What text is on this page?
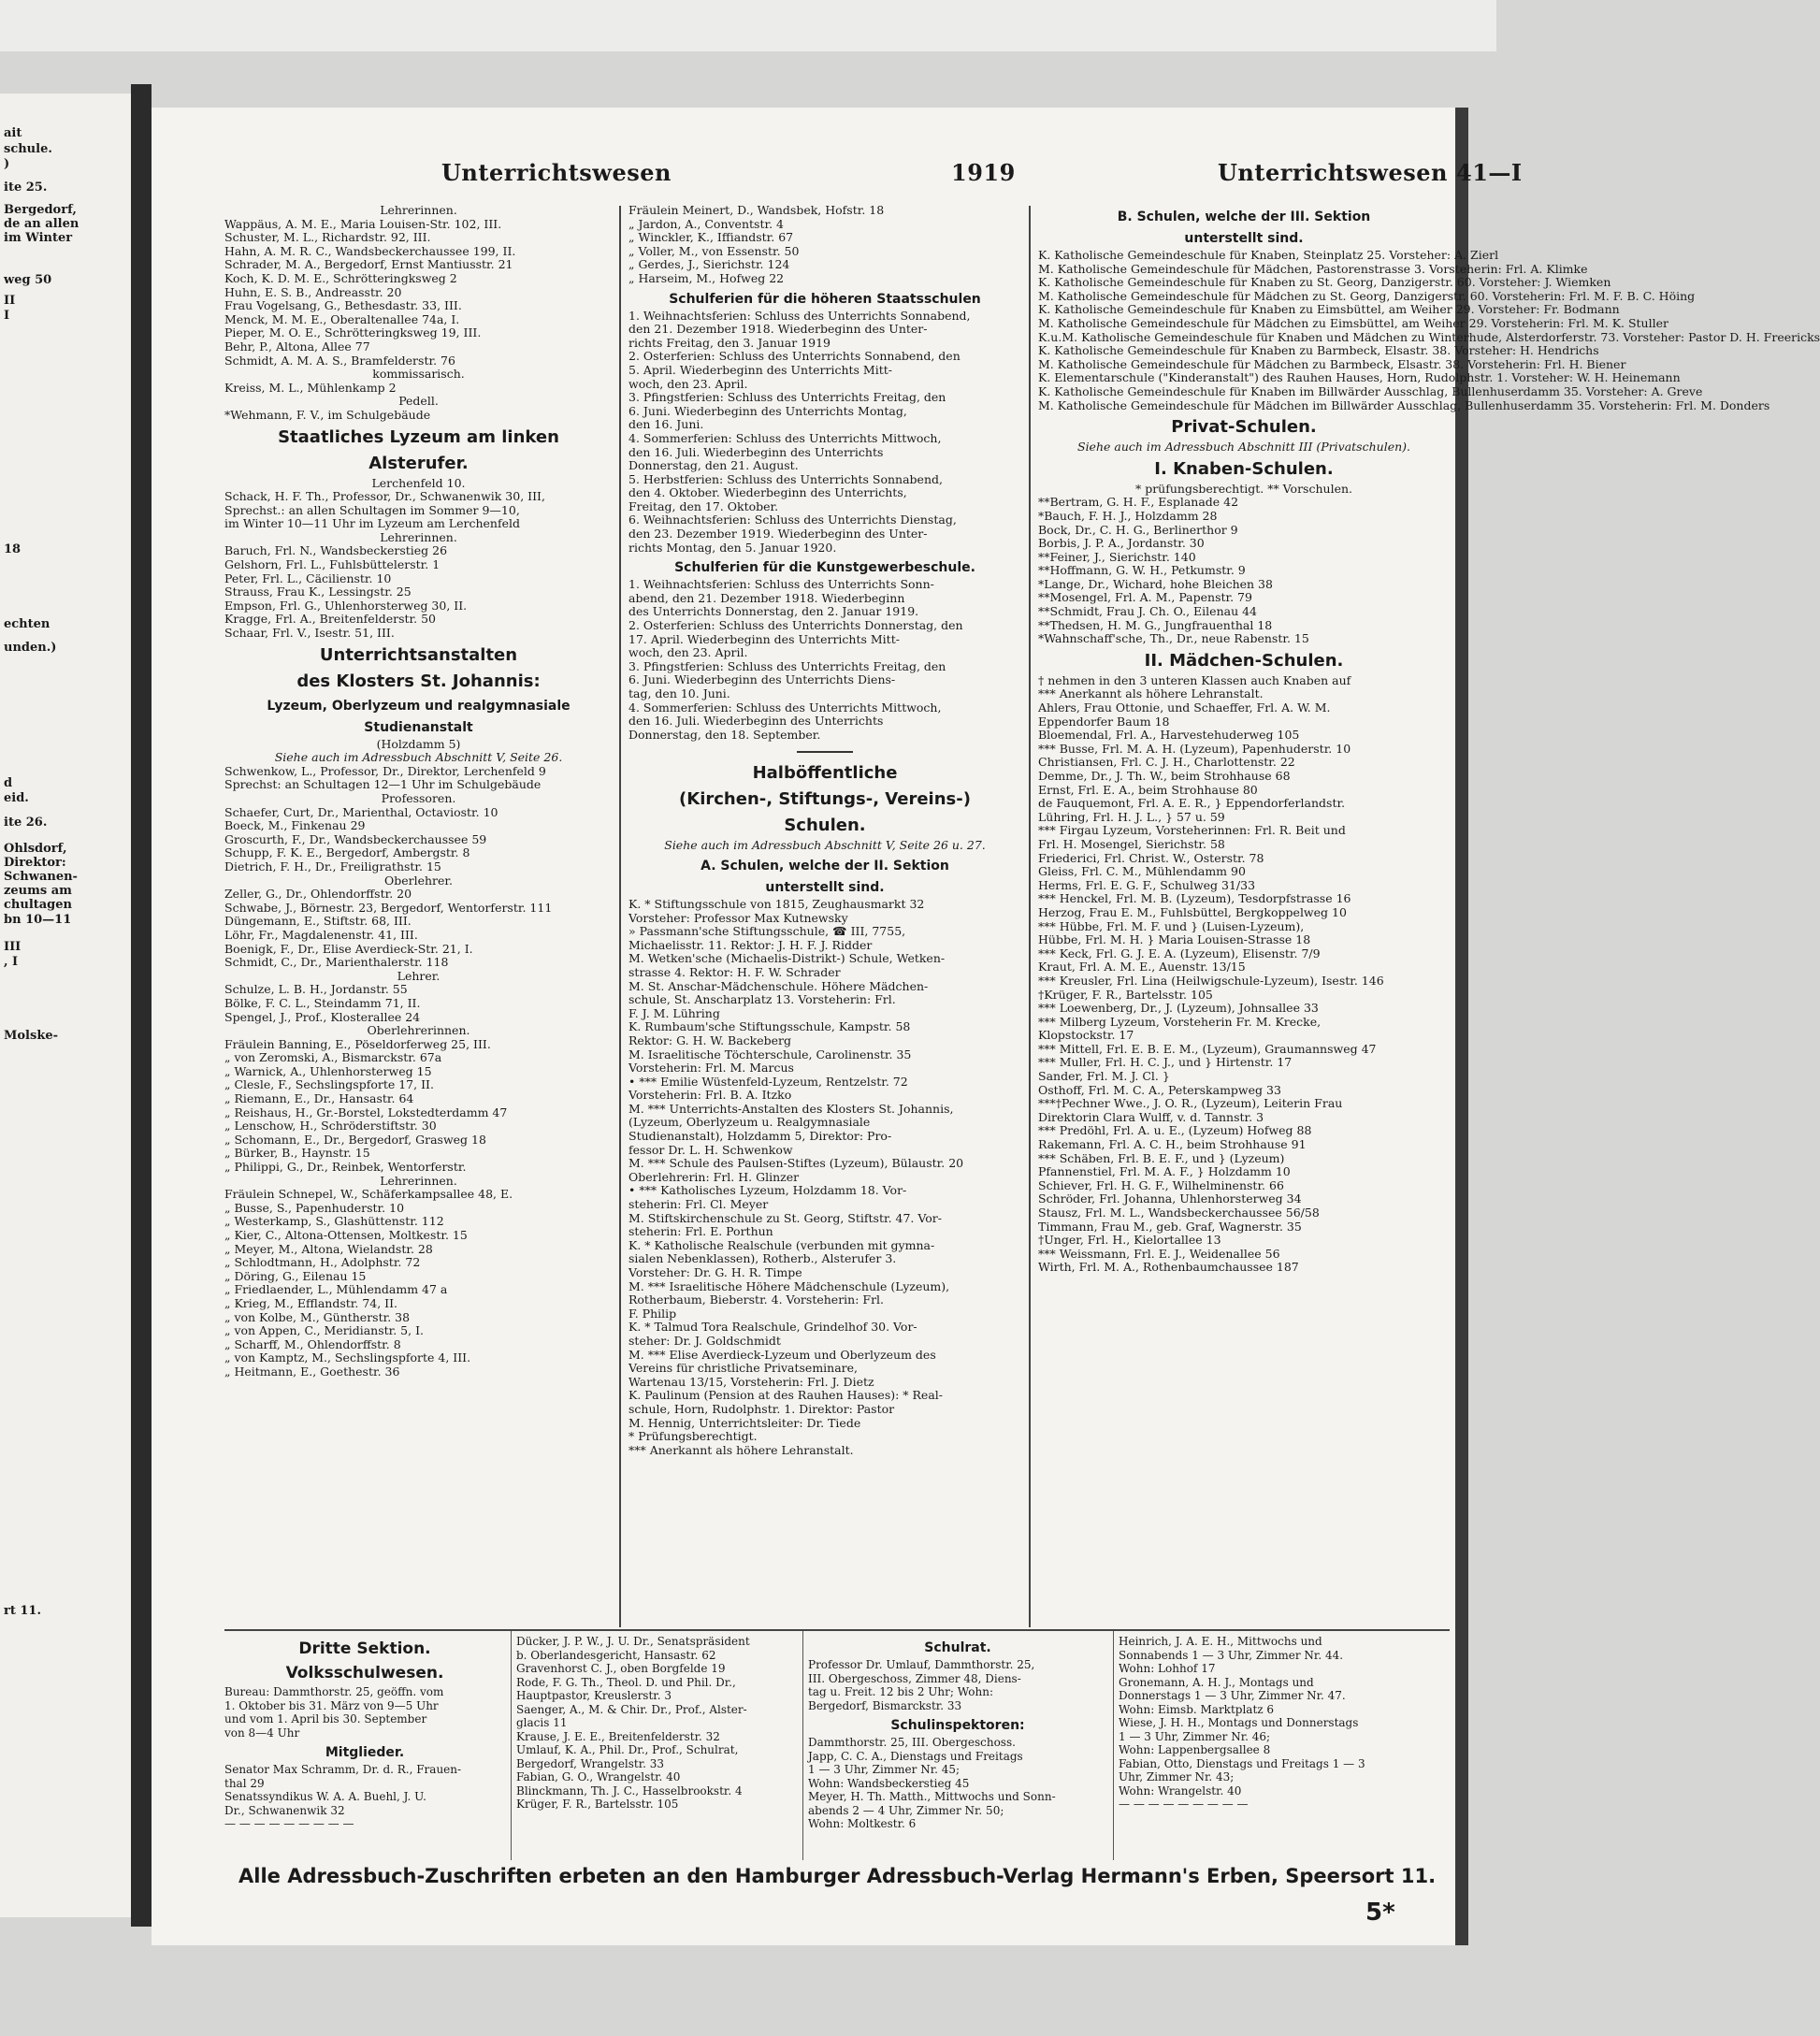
ait
schule.
)
ite 25.
Bergedorf,
de an allen
im Winter
weg 50
II
I
18
echten
unden.)
d
eid.
ite 26.
Ohlsdorf,
Direktor:
Schwanen-
zeums am
chultagen
bn 10—11
III
, I
Molske-
rt 11.
Unterrichtswesen	1919	Unterrichtswesen 41—I
Lehrerinnen.
Wappäus, A. M. E., Maria Louisen-Str. 102, III.
Schuster, M. L., Richardstr. 92, III.
Hahn, A. M. R. C., Wandsbeckerchaussee 199, II.
Schrader, M. A., Bergedorf, Ernst Mantiusstr. 21
Koch, K. D. M. E., Schrötteringksweg 2
Huhn, E. S. B., Andreasstr. 20
Frau Vogelsang, G., Bethesdastr. 33, III.
Menck, M. M. E., Oberaltenallee 74a, I.
Pieper, M. O. E., Schrötteringksweg 19, III.
Behr, P., Altona, Allee 77
Schmidt, A. M. A. S., Bramfelderstr. 76
kommissarisch.
Kreiss, M. L., Mühlenkamp 2
Pedell.
*Wehmann, F. V., im Schulgebäude
Staatliches Lyzeum am linken
Alsterufer.
Lerchenfeld 10.
Schack, H. F. Th., Professor, Dr., Schwanenwik 30, III,
Sprechst.: an allen Schultagen im Sommer 9—10,
im Winter 10—11 Uhr im Lyzeum am Lerchenfeld
Lehrerinnen.
Baruch, Frl. N., Wandsbeckerstieg 26
Gelshorn, Frl. L., Fuhlsbüttelerstr. 1
Peter, Frl. L., Cäcilienstr. 10
Strauss, Frau K., Lessingstr. 25
Empson, Frl. G., Uhlenhorsterweg 30, II.
Kragge, Frl. A., Breitenfelderstr. 50
Schaar, Frl. V., Isestr. 51, III.
Unterrichtsanstalten
des Klosters St. Johannis:
Lyzeum, Oberlyzeum und realgymnasiale
Studienanstalt
(Holzdamm 5)
Siehe auch im Adressbuch Abschnitt V, Seite 26.
Schwenkow, L., Professor, Dr., Direktor, Lerchenfeld 9
Sprechst: an Schultagen 12—1 Uhr im Schulgebäude
Professoren.
Schaefer, Curt, Dr., Marienthal, Octaviostr. 10
Boeck, M., Finkenau 29
Groscurth, F., Dr., Wandsbeckerchaussee 59
Schupp, F. K. E., Bergedorf, Ambergstr. 8
Dietrich, F. H., Dr., Freiligrathstr. 15
Oberlehrer.
Zeller, G., Dr., Ohlendorffstr. 20
Schwabe, J., Börnestr. 23, Bergedorf, Wentorferstr. 111
Düngemann, E., Stiftstr. 68, III.
Löhr, Fr., Magdalenenstr. 41, III.
Boenigk, F., Dr., Elise Averdieck-Str. 21, I.
Schmidt, C., Dr., Marienthalerstr. 118
Lehrer.
Schulze, L. B. H., Jordanstr. 55
Bölke, F. C. L., Steindamm 71, II.
Spengel, J., Prof., Klosterallee 24
Oberlehrerinnen.
Fräulein Banning, E., Pöseldorferweg 25, III.
„ von Zeromski, A., Bismarckstr. 67a
„ Warnick, A., Uhlenhorsterweg 15
„ Clesle, F., Sechslingspforte 17, II.
„ Riemann, E., Dr., Hansastr. 64
„ Reishaus, H., Gr.-Borstel, Lokstedterdamm 47
„ Lenschow, H., Schröderstiftstr. 30
„ Schomann, E., Dr., Bergedorf, Grasweg 18
„ Bürker, B., Haynstr. 15
„ Philippi, G., Dr., Reinbek, Wentorferstr.
Lehrerinnen.
Fräulein Schnepel, W., Schäferkampsallee 48, E.
„ Busse, S., Papenhuderstr. 10
„ Westerkamp, S., Glashüttenstr. 112
„ Kier, C., Altona-Ottensen, Moltkestr. 15
„ Meyer, M., Altona, Wielandstr. 28
„ Schlodtmann, H., Adolphstr. 72
„ Döring, G., Eilenau 15
„ Friedlaender, L., Mühlendamm 47 a
„ Krieg, M., Efflandstr. 74, II.
„ von Kolbe, M., Güntherstr. 38
„ von Appen, C., Meridianstr. 5, I.
„ Scharff, M., Ohlendorffstr. 8
„ von Kamptz, M., Sechslingspforte 4, III.
„ Heitmann, E., Goethestr. 36
Fräulein Meinert, D., Wandsbek, Hofstr. 18
„ Jardon, A., Conventstr. 4
„ Winckler, K., Iffiandstr. 67
„ Voller, M., von Essenstr. 50
„ Gerdes, J., Sierichstr. 124
„ Harseim, M., Hofweg 22
Schulferien für die höheren Staatsschulen
1. Weihnachtsferien: Schluss des Unterrichts Sonnabend,
den 21. Dezember 1918. Wiederbeginn des Unter-
richts Freitag, den 3. Januar 1919
2. Osterferien: Schluss des Unterrichts Sonnabend, den
5. April. Wiederbeginn des Unterrichts Mitt-
woch, den 23. April.
3. Pfingstferien: Schluss des Unterrichts Freitag, den
6. Juni. Wiederbeginn des Unterrichts Montag,
den 16. Juni.
4. Sommerferien: Schluss des Unterrichts Mittwoch,
den 16. Juli. Wiederbeginn des Unterrichts
Donnerstag, den 21. August.
5. Herbstferien: Schluss des Unterrichts Sonnabend,
den 4. Oktober. Wiederbeginn des Unterrichts,
Freitag, den 17. Oktober.
6. Weihnachtsferien: Schluss des Unterrichts Dienstag,
den 23. Dezember 1919. Wiederbeginn des Unter-
richts Montag, den 5. Januar 1920.
Schulferien für die Kunstgewerbeschule.
1. Weihnachtsferien: Schluss des Unterrichts Sonn-
abend, den 21. Dezember 1918. Wiederbeginn
des Unterrichts Donnerstag, den 2. Januar 1919.
2. Osterferien: Schluss des Unterrichts Donnerstag, den
17. April. Wiederbeginn des Unterrichts Mitt-
woch, den 23. April.
3. Pfingstferien: Schluss des Unterrichts Freitag, den
6. Juni. Wiederbeginn des Unterrichts Diens-
tag, den 10. Juni.
4. Sommerferien: Schluss des Unterrichts Mittwoch,
den 16. Juli. Wiederbeginn des Unterrichts
Donnerstag, den 18. September.
Halböffentliche
(Kirchen-, Stiftungs-, Vereins-)
Schulen.
Siehe auch im Adressbuch Abschnitt V, Seite 26 u. 27.
A. Schulen, welche der II. Sektion
unterstellt sind.
K. * Stiftungsschule von 1815, Zeughausmarkt 32
Vorsteher: Professor Max Kutnewsky
» Passmann'sche Stiftungsschule, ☎ III, 7755,
Michaelisstr. 11. Rektor: J. H. F. J. Ridder
M. Wetken'sche (Michaelis-Distrikt-) Schule, Wetken-
strasse 4. Rektor: H. F. W. Schrader
M. St. Anschar-Mädchenschule. Höhere Mädchen-
schule, St. Anscharplatz 13. Vorsteherin: Frl.
F. J. M. Lühring
K. Rumbaum'sche Stiftungsschule, Kampstr. 58
Rektor: G. H. W. Backeberg
M. Israelitische Töchterschule, Carolinenstr. 35
Vorsteherin: Frl. M. Marcus
• *** Emilie Wüstenfeld-Lyzeum, Rentzelstr. 72
Vorsteherin: Frl. B. A. Itzko
M. *** Unterrichts-Anstalten des Klosters St. Johannis,
(Lyzeum, Oberlyzeum u. Realgymnasiale
Studienanstalt), Holzdamm 5, Direktor: Pro-
fessor Dr. L. H. Schwenkow
M. *** Schule des Paulsen-Stiftes (Lyzeum), Bülaustr. 20
Oberlehrerin: Frl. H. Glinzer
• *** Katholisches Lyzeum, Holzdamm 18. Vor-
steherin: Frl. Cl. Meyer
M. Stiftskirchenschule zu St. Georg, Stiftstr. 47. Vor-
steherin: Frl. E. Porthun
K. * Katholische Realschule (verbunden mit gymna-
sialen Nebenklassen), Rotherb., Alsterufer 3.
Vorsteher: Dr. G. H. R. Timpe
M. *** Israelitische Höhere Mädchenschule (Lyzeum),
Rotherbaum, Bieberstr. 4. Vorsteherin: Frl.
F. Philip
K. * Talmud Tora Realschule, Grindelhof 30. Vor-
steher: Dr. J. Goldschmidt
M. *** Elise Averdieck-Lyzeum und Oberlyzeum des
Vereins für christliche Privatseminare,
Wartenau 13/15, Vorsteherin: Frl. J. Dietz
K. Paulinum (Pension at des Rauhen Hauses): * Real-
schule, Horn, Rudolphstr. 1. Direktor: Pastor
M. Hennig, Unterrichtsleiter: Dr. Tiede
* Prüfungsberechtigt.
*** Anerkannt als höhere Lehranstalt.
B. Schulen, welche der III. Sektion
unterstellt sind.
K. Katholische Gemeindeschule für Knaben, Steinplatz 25. Vorsteher: A. Zierl
M. Katholische Gemeindeschule für Mädchen, Pastorenstrasse 3. Vorsteherin: Frl. A. Klimke
K. Katholische Gemeindeschule für Knaben zu St. Georg, Danzigerstr. 60. Vorsteher: J. Wiemken
M. Katholische Gemeindeschule für Mädchen zu St. Georg, Danzigerstr. 60. Vorsteherin: Frl. M. F. B. C. Höing
K. Katholische Gemeindeschule für Knaben zu Eimsbüttel, am Weiher 29. Vorsteher: Fr. Bodmann
M. Katholische Gemeindeschule für Mädchen zu Eimsbüttel, am Weiher 29. Vorsteherin: Frl. M. K. Stuller
K.u.M. Katholische Gemeindeschule für Knaben und Mädchen zu Winterhude, Alsterdorferstr. 73. Vorsteher: Pastor D. H. Freericks
K. Katholische Gemeindeschule für Knaben zu Barmbeck, Elsastr. 38. Vorsteher: H. Hendrichs
M. Katholische Gemeindeschule für Mädchen zu Barmbeck, Elsastr. 38. Vorsteherin: Frl. H. Biener
K. Elementarschule ("Kinderanstalt") des Rauhen Hauses, Horn, Rudolphstr. 1. Vorsteher: W. H. Heinemann
K. Katholische Gemeindeschule für Knaben im Billwärder Ausschlag, Bullenhuserdamm 35. Vorsteher: A. Greve
M. Katholische Gemeindeschule für Mädchen im Billwärder Ausschlag, Bullenhuserdamm 35. Vorsteherin: Frl. M. Donders
Privat-Schulen.
Siehe auch im Adressbuch Abschnitt III (Privatschulen).
I. Knaben-Schulen.
* prüfungsberechtigt. ** Vorschulen.
**Bertram, G. H. F., Esplanade 42
*Bauch, F. H. J., Holzdamm 28
Bock, Dr., C. H. G., Berlinerthor 9
Borbis, J. P. A., Jordanstr. 30
**Feiner, J., Sierichstr. 140
**Hoffmann, G. W. H., Petkumstr. 9
*Lange, Dr., Wichard, hohe Bleichen 38
**Mosengel, Frl. A. M., Papenstr. 79
**Schmidt, Frau J. Ch. O., Eilenau 44
**Thedsen, H. M. G., Jungfrauenthal 18
*Wahnschaff'sche, Th., Dr., neue Rabenstr. 15
II. Mädchen-Schulen.
† nehmen in den 3 unteren Klassen auch Knaben auf
*** Anerkannt als höhere Lehranstalt.
Ahlers, Frau Ottonie, und Schaeffer, Frl. A. W. M.
Eppendorfer Baum 18
Bloemendal, Frl. A., Harvestehuderweg 105
*** Busse, Frl. M. A. H. (Lyzeum), Papenhuderstr. 10
Christiansen, Frl. C. J. H., Charlottenstr. 22
Demme, Dr., J. Th. W., beim Strohhause 68
Ernst, Frl. E. A., beim Strohhause 80
de Fauquemont, Frl. A. E. R., } Eppendorferlandstr.
Lühring, Frl. H. J. L., } 57 u. 59
*** Firgau Lyzeum, Vorsteherinnen: Frl. R. Beit und
Frl. H. Mosengel, Sierichstr. 58
Friederici, Frl. Christ. W., Osterstr. 78
Gleiss, Frl. C. M., Mühlendamm 90
Herms, Frl. E. G. F., Schulweg 31/33
*** Henckel, Frl. M. B. (Lyzeum), Tesdorpfstrasse 16
Herzog, Frau E. M., Fuhlsbüttel, Bergkoppelweg 10
*** Hübbe, Frl. M. F. und } (Luisen-Lyzeum),
Hübbe, Frl. M. H. } Maria Louisen-Strasse 18
*** Keck, Frl. G. J. E. A. (Lyzeum), Elisenstr. 7/9
Kraut, Frl. A. M. E., Auenstr. 13/15
*** Kreusler, Frl. Lina (Heilwigschule-Lyzeum), Isestr. 146
†Krüger, F. R., Bartelsstr. 105
*** Loewenberg, Dr., J. (Lyzeum), Johnsallee 33
*** Milberg Lyzeum, Vorsteherin Fr. M. Krecke,
Klopstockstr. 17
*** Mittell, Frl. E. B. E. M., (Lyzeum), Graumannsweg 47
*** Muller, Frl. H. C. J., und } Hirtenstr. 17
Sander, Frl. M. J. Cl. }
Osthoff, Frl. M. C. A., Peterskampweg 33
***†Pechner Wwe., J. O. R., (Lyzeum), Leiterin Frau
Direktorin Clara Wulff, v. d. Tannstr. 3
*** Predöhl, Frl. A. u. E., (Lyzeum) Hofweg 88
Rakemann, Frl. A. C. H., beim Strohhause 91
*** Schäben, Frl. B. E. F., und } (Lyzeum)
Pfannenstiel, Frl. M. A. F., } Holzdamm 10
Schiever, Frl. H. G. F., Wilhelminenstr. 66
Schröder, Frl. Johanna, Uhlenhorsterweg 34
Stausz, Frl. M. L., Wandsbeckerchaussee 56/58
Timmann, Frau M., geb. Graf, Wagnerstr. 35
†Unger, Frl. H., Kielortallee 13
*** Weissmann, Frl. E. J., Weidenallee 56
Wirth, Frl. M. A., Rothenbaumchaussee 187
Dritte Sektion.
Volksschulwesen.
Bureau: Dammthorstr. 25, geöffn. vom
1. Oktober bis 31. März von 9—5 Uhr
und vom 1. April bis 30. September
von 8—4 Uhr
Mitglieder.
Senator Max Schramm, Dr. d. R., Frauen-
thal 29
Senatssyndikus W. A. A. Buehl, J. U.
Dr., Schwanenwik 32
— — — — — — — — —
Dücker, J. P. W., J. U. Dr., Senatspräsident
b. Oberlandesgericht, Hansastr. 62
Gravenhorst C. J., oben Borgfelde 19
Rode, F. G. Th., Theol. D. und Phil. Dr.,
Hauptpastor, Kreuslerstr. 3
Saenger, A., M. & Chir. Dr., Prof., Alster-
glacis 11
Krause, J. E. E., Breitenfelderstr. 32
Umlauf, K. A., Phil. Dr., Prof., Schulrat,
Bergedorf, Wrangelstr. 33
Fabian, G. O., Wrangelstr. 40
Blinckmann, Th. J. C., Hasselbrookstr. 4
Krüger, F. R., Bartelsstr. 105
Schulrat.
Professor Dr. Umlauf, Dammthorstr. 25,
III. Obergeschoss, Zimmer 48, Diens-
tag u. Freit. 12 bis 2 Uhr; Wohn:
Bergedorf, Bismarckstr. 33
Schulinspektoren:
Dammthorstr. 25, III. Obergeschoss.
Japp, C. C. A., Dienstags und Freitags
1 — 3 Uhr, Zimmer Nr. 45;
Wohn: Wandsbeckerstieg 45
Meyer, H. Th. Matth., Mittwochs und Sonn-
abends 2 — 4 Uhr, Zimmer Nr. 50;
Wohn: Moltkestr. 6
Heinrich, J. A. E. H., Mittwochs und
Sonnabends 1 — 3 Uhr, Zimmer Nr. 44.
Wohn: Lohhof 17
Gronemann, A. H. J., Montags und
Donnerstags 1 — 3 Uhr, Zimmer Nr. 47.
Wohn: Eimsb. Marktplatz 6
Wiese, J. H. H., Montags und Donnerstags
1 — 3 Uhr, Zimmer Nr. 46;
Wohn: Lappenbergsallee 8
Fabian, Otto, Dienstags und Freitags 1 — 3
Uhr, Zimmer Nr. 43;
Wohn: Wrangelstr. 40
— — — — — — — — —
Alle Adressbuch-Zuschriften erbeten an den Hamburger Adressbuch-Verlag Hermann's Erben, Speersort 11.
5*
